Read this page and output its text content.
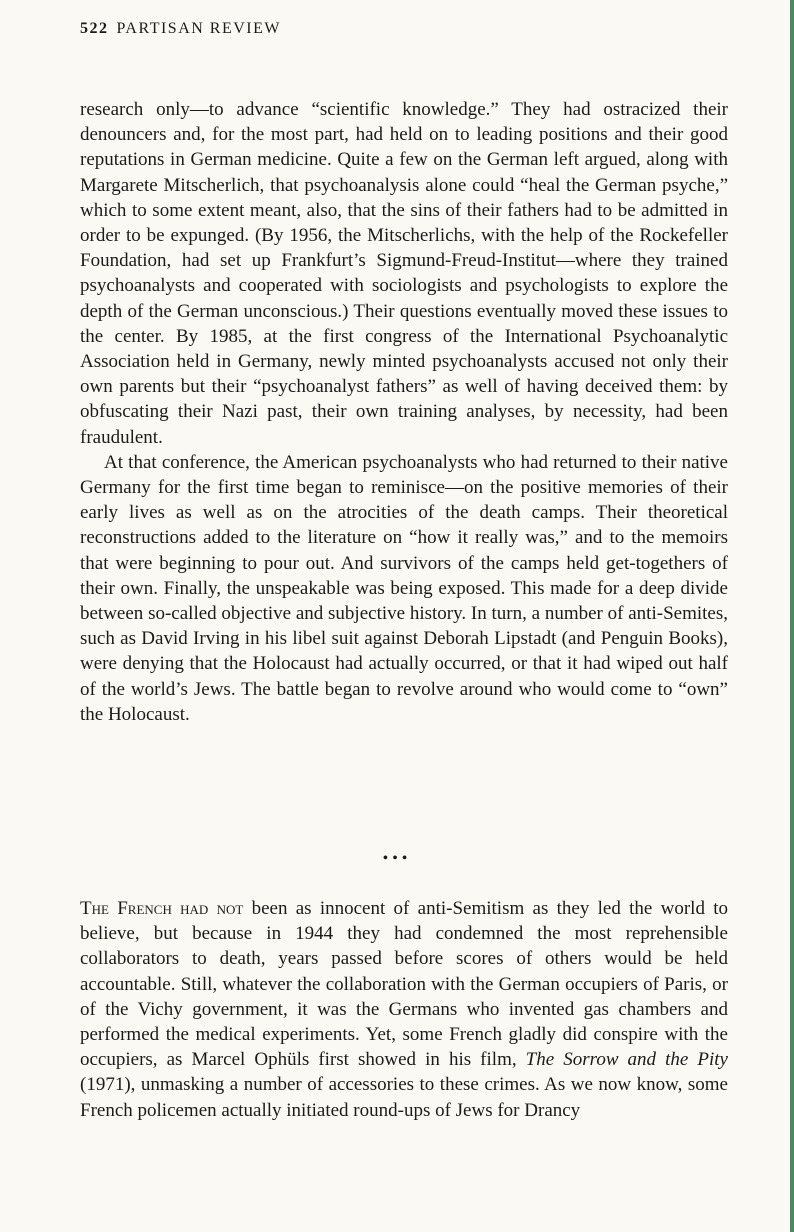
522 PARTISAN REVIEW

research only—to advance “scientific knowledge.” They had ostracized their denouncers and, for the most part, had held on to leading positions and their good reputations in German medicine. Quite a few on the German left argued, along with Margarete Mitscherlich, that psychoanalysis alone could “heal the German psyche,” which to some extent meant, also, that the sins of their fathers had to be admitted in order to be expunged. (By 1956, the Mitscherlichs, with the help of the Rockefeller Foundation, had set up Frankfurt’s Sigmund-Freud-Institut—where they trained psychoanalysts and cooperated with sociologists and psychologists to explore the depth of the German unconscious.) Their questions eventually moved these issues to the center. By 1985, at the first congress of the International Psychoanalytic Association held in Germany, newly minted psychoanalysts accused not only their own parents but their “psychoanalyst fathers” as well of having deceived them: by obfuscating their Nazi past, their own training analyses, by necessity, had been fraudulent.

At that conference, the American psychoanalysts who had returned to their native Germany for the first time began to reminisce—on the positive memories of their early lives as well as on the atrocities of the death camps. Their theoretical reconstructions added to the literature on “how it really was,” and to the memoirs that were beginning to pour out. And survivors of the camps held get-togethers of their own. Finally, the unspeakable was being exposed. This made for a deep divide between so-called objective and subjective history. In turn, a number of anti-Semites, such as David Irving in his libel suit against Deborah Lipstadt (and Penguin Books), were denying that the Holocaust had actually occurred, or that it had wiped out half of the world’s Jews. The battle began to revolve around who would come to “own” the Holocaust.

•••

The French had not been as innocent of anti-Semitism as they led the world to believe, but because in 1944 they had condemned the most reprehensible collaborators to death, years passed before scores of others would be held accountable. Still, whatever the collaboration with the German occupiers of Paris, or of the Vichy government, it was the Germans who invented gas chambers and performed the medical experiments. Yet, some French gladly did conspire with the occupiers, as Marcel Ophüls first showed in his film, The Sorrow and the Pity (1971), unmasking a number of accessories to these crimes. As we now know, some French policemen actually initiated round-ups of Jews for Drancy
